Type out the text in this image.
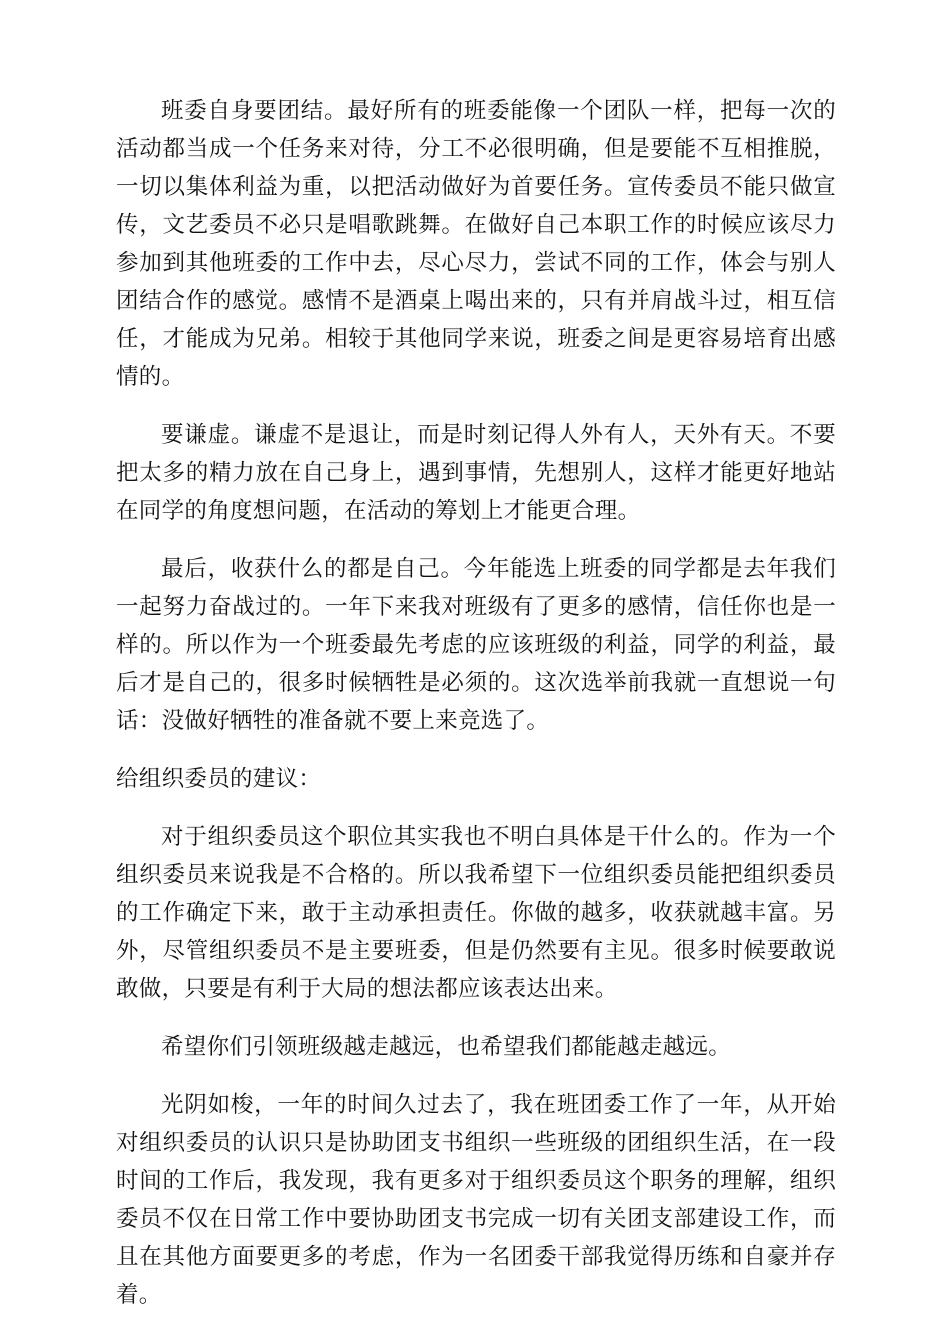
班委自身要团结。最好所有的班委能像一个团队一样，把每一次的活动都当成一个任务来对待，分工不必很明确，但是要能不互相推脱，一切以集体利益为重，以把活动做好为首要任务。宣传委员不能只做宣传，文艺委员不必只是唱歌跳舞。在做好自己本职工作的时候应该尽力参加到其他班委的工作中去，尽心尽力，尝试不同的工作，体会与别人团结合作的感觉。感情不是酒桌上喝出来的，只有并肩战斗过，相互信任，才能成为兄弟。相较于其他同学来说，班委之间是更容易培育出感情的。

要谦虚。谦虚不是退让，而是时刻记得人外有人，天外有天。不要把太多的精力放在自己身上，遇到事情，先想别人，这样才能更好地站在同学的角度想问题，在活动的筹划上才能更合理。

最后，收获什么的都是自己。今年能选上班委的同学都是去年我们一起努力奋战过的。一年下来我对班级有了更多的感情，信任你也是一样的。所以作为一个班委最先考虑的应该班级的利益，同学的利益，最后才是自己的，很多时候牺牲是必须的。这次选举前我就一直想说一句话：没做好牺牲的准备就不要上来竞选了。

给组织委员的建议：

对于组织委员这个职位其实我也不明白具体是干什么的。作为一个组织委员来说我是不合格的。所以我希望下一位组织委员能把组织委员的工作确定下来，敢于主动承担责任。你做的越多，收获就越丰富。另外，尽管组织委员不是主要班委，但是仍然要有主见。很多时候要敢说敢做，只要是有利于大局的想法都应该表达出来。

希望你们引领班级越走越远，也希望我们都能越走越远。

光阴如梭，一年的时间久过去了，我在班团委工作了一年，从开始对组织委员的认识只是协助团支书组织一些班级的团组织生活，在一段时间的工作后，我发现，我有更多对于组织委员这个职务的理解，组织委员不仅在日常工作中要协助团支书完成一切有关团支部建设工作，而且在其他方面要更多的考虑，作为一名团委干部我觉得历练和自豪并存着。
